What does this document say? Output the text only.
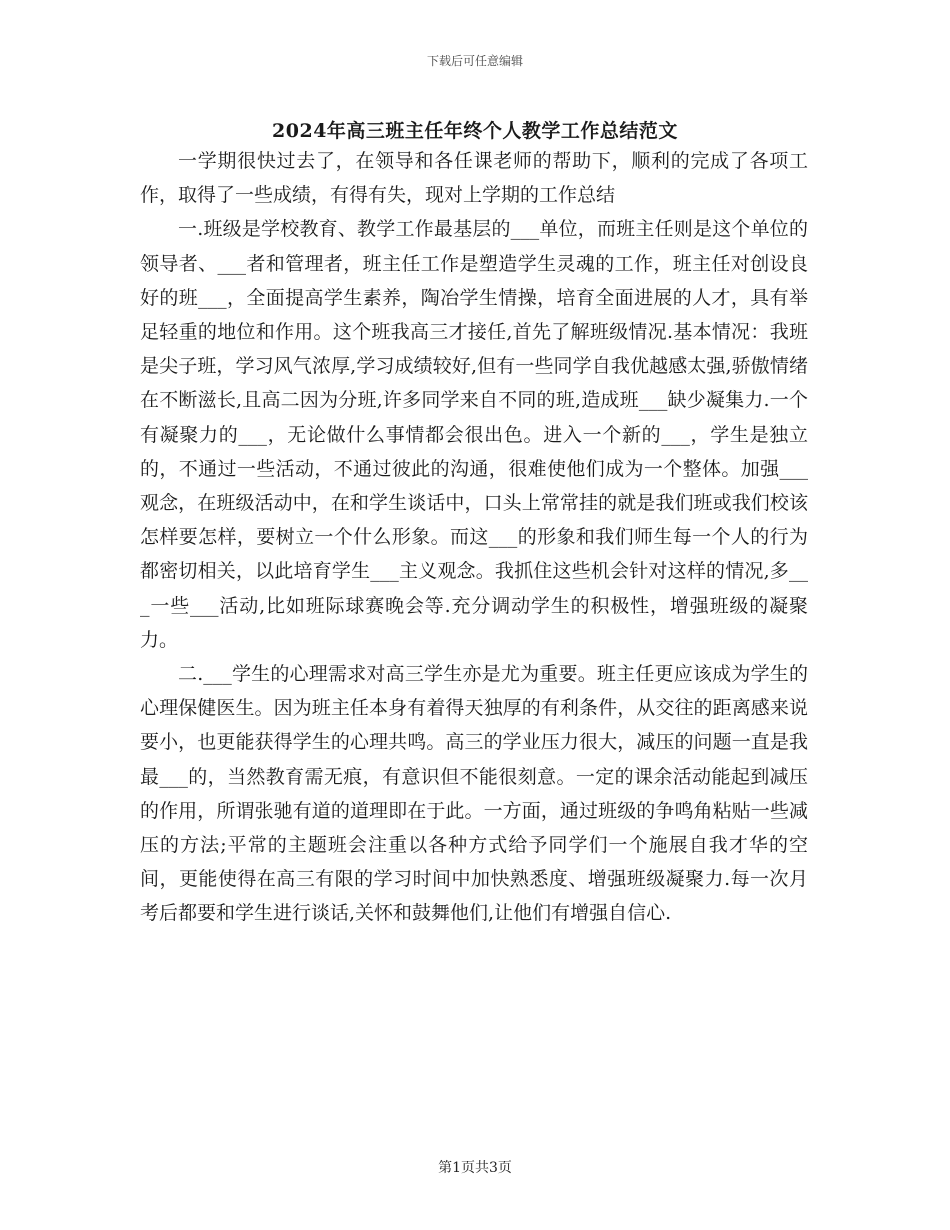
下载后可任意编辑
2024年高三班主任年终个人教学工作总结范文

一学期很快过去了，在领导和各任课老师的帮助下，顺利的完成了各项工作，取得了一些成绩，有得有失，现对上学期的工作总结

一.班级是学校教育、教学工作最基层的___单位，而班主任则是这个单位的领导者、___者和管理者，班主任工作是塑造学生灵魂的工作，班主任对创设良好的班___，全面提高学生素养，陶冶学生情操，培育全面进展的人才，具有举足轻重的地位和作用。这个班我高三才接任,首先了解班级情况.基本情况：我班是尖子班，学习风气浓厚,学习成绩较好,但有一些同学自我优越感太强,骄傲情绪在不断滋长,且高二因为分班,许多同学来自不同的班,造成班___缺少凝集力.一个有凝聚力的___，无论做什么事情都会很出色。进入一个新的___，学生是独立的，不通过一些活动，不通过彼此的沟通，很难使他们成为一个整体。加强___观念，在班级活动中，在和学生谈话中，口头上常常挂的就是我们班或我们校该怎样要怎样，要树立一个什么形象。而这___的形象和我们师生每一个人的行为都密切相关，以此培育学生___主义观念。我抓住这些机会针对这样的情况,多___一些___活动,比如班际球赛晚会等.充分调动学生的积极性，增强班级的凝聚力。

二.___学生的心理需求对高三学生亦是尤为重要。班主任更应该成为学生的心理保健医生。因为班主任本身有着得天独厚的有利条件，从交往的距离感来说要小，也更能获得学生的心理共鸣。高三的学业压力很大，减压的问题一直是我最___的，当然教育需无痕，有意识但不能很刻意。一定的课余活动能起到减压的作用，所谓张驰有道的道理即在于此。一方面，通过班级的争鸣角粘贴一些减压的方法;平常的主题班会注重以各种方式给予同学们一个施展自我才华的空间，更能使得在高三有限的学习时间中加快熟悉度、增强班级凝聚力.每一次月考后都要和学生进行谈话,关怀和鼓舞他们,让他们有增强自信心.

第1页共3页
